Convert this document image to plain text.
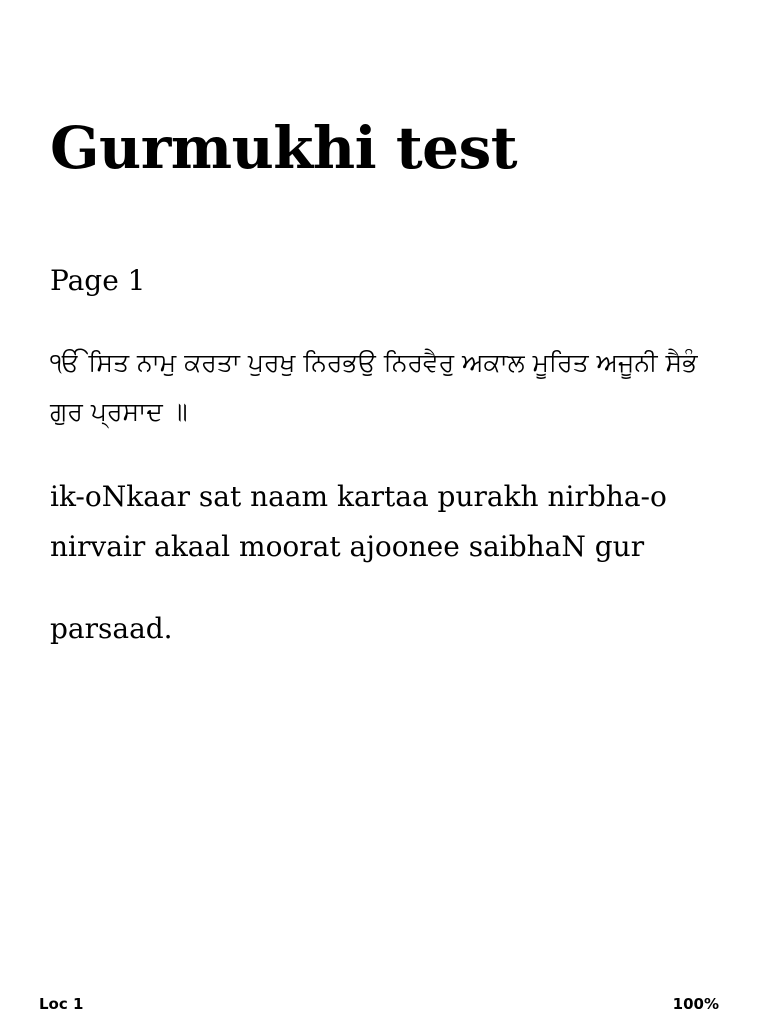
Gurmukhi test

Page 1

ੴ ਸਿਤ ਨਾਮੁ ਕਰਤਾ ਪੁਰਖੁ ਨਿਰਭਉ ਨਿਰਵੈਰੁ ਅਕਾਲ ਮੂਰਿਤ ਅਜੂਨੀ ਸੈਭੰ ਗੁਰ ਪ੍ਰਸਾਦ ॥

ik-oNkaar sat naam kartaa purakh nirbha-o nirvair akaal moorat ajoonee saibhaN gur

parsaad.

Loc 1	100%
